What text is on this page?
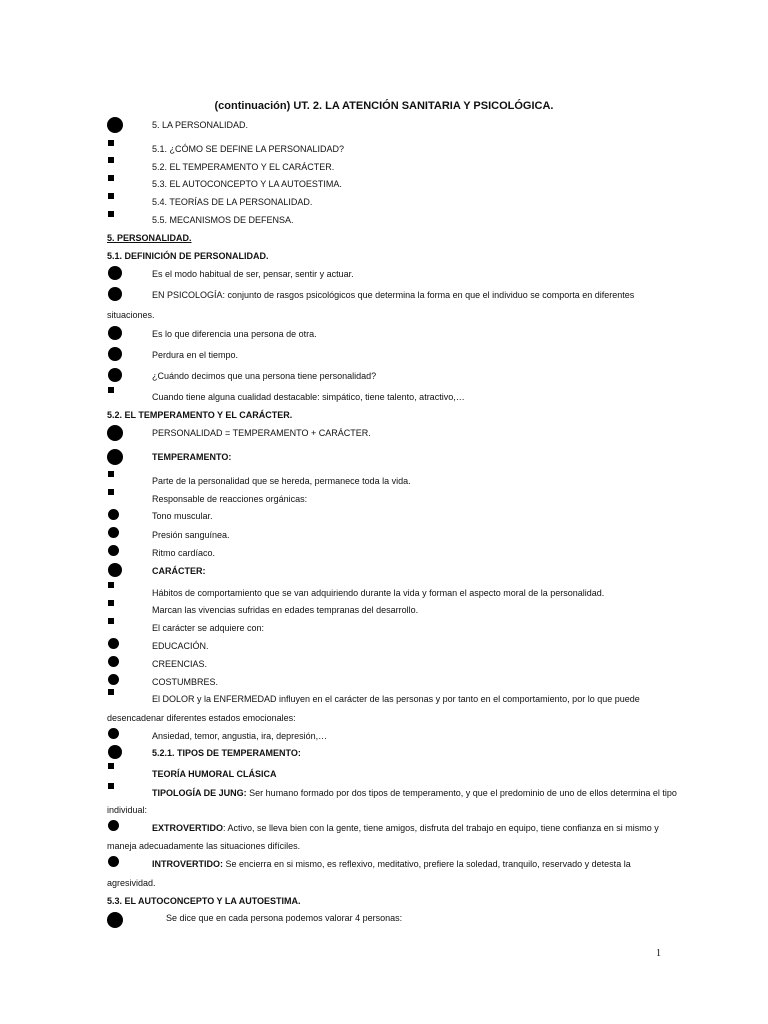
(continuación) UT. 2. LA ATENCIÓN SANITARIA Y PSICOLÓGICA.
5. LA PERSONALIDAD.
5.1. ¿CÓMO SE DEFINE LA PERSONALIDAD?
5.2. EL TEMPERAMENTO Y EL CARÁCTER.
5.3. EL AUTOCONCEPTO Y LA AUTOESTIMA.
5.4. TEORÍAS DE LA PERSONALIDAD.
5.5. MECANISMOS DE DEFENSA.
5. PERSONALIDAD.
5.1. DEFINICIÓN DE PERSONALIDAD.
Es el modo habitual de ser, pensar, sentir y actuar.
EN PSICOLOGÍA: conjunto de rasgos psicológicos que determina la forma en que el individuo se comporta en diferentes
situaciones.
Es lo que diferencia una persona de otra.
Perdura en el tiempo.
¿Cuándo decimos que una persona tiene personalidad?
Cuando tiene alguna cualidad destacable: simpático, tiene talento, atractivo,…
5.2. EL TEMPERAMENTO Y EL CARÁCTER.
PERSONALIDAD = TEMPERAMENTO + CARÁCTER.
TEMPERAMENTO:
Parte de la personalidad que se hereda, permanece toda la vida.
Responsable de reacciones orgánicas:
Tono muscular.
Presión sanguínea.
Ritmo cardíaco.
CARÁCTER:
Hábitos de comportamiento que se van adquiriendo durante la vida y forman el aspecto moral de la personalidad.
Marcan las vivencias sufridas en edades tempranas del desarrollo.
El carácter se adquiere con:
EDUCACIÓN.
CREENCIAS.
COSTUMBRES.
El DOLOR y la ENFERMEDAD influyen en el carácter de las personas y por tanto en el comportamiento, por lo que puede
desencadenar diferentes estados emocionales:
Ansiedad, temor, angustia, ira, depresión,…
5.2.1. TIPOS DE TEMPERAMENTO:
TEORÍA HUMORAL CLÁSICA
TIPOLOGÍA DE JUNG: Ser humano formado por dos tipos de temperamento, y que el predominio de uno de ellos determina el tipo
individual:
EXTROVERTIDO: Activo, se lleva bien con la gente, tiene amigos, disfruta del trabajo en equipo, tiene confianza en si mismo y
maneja adecuadamente las situaciones difíciles.
INTROVERTIDO: Se encierra en si mismo, es reflexivo, meditativo, prefiere la soledad, tranquilo, reservado y detesta la
agresividad.
5.3. EL AUTOCONCEPTO Y LA AUTOESTIMA.
Se dice que en cada persona podemos valorar 4 personas:
1
